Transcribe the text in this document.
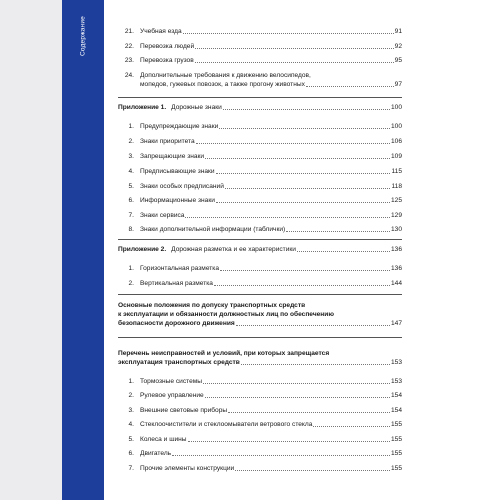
Содержание	21. Учебная езда	91
22. Перевозка людей	92
23. Перевозка грузов	95
24. Дополнительные требования к движению велосипедов,
мопедов, гужевых повозок, а также прогону животных	97
Приложение 1. Дорожные знаки	100
1. Предупреждающие знаки	100
2. Знаки приоритета	106
3. Запрещающие знаки	109
4. Предписывающие знаки	115
5. Знаки особых предписаний	118
6. Информационные знаки	125
7. Знаки сервиса	129
8. Знаки дополнительной информации (таблички)	130
Приложение 2. Дорожная разметка и ее характеристики	136
1. Горизонтальная разметка	136
2. Вертикальная разметка	144
Основные положения по допуску транспортных средств
к эксплуатации и обязанности должностных лиц по обеспечению
безопасности дорожного движения	147
Перечень неисправностей и условий, при которых запрещается
эксплуатация транспортных средств	153
1. Тормозные системы	153
2. Рулевое управление	154
3. Внешние световые приборы	154
4. Стеклоочистители и стеклоомыватели ветрового стекла	155
5. Колеса и шины	155
6. Двигатель	155
7. Прочие элементы конструкции	155
